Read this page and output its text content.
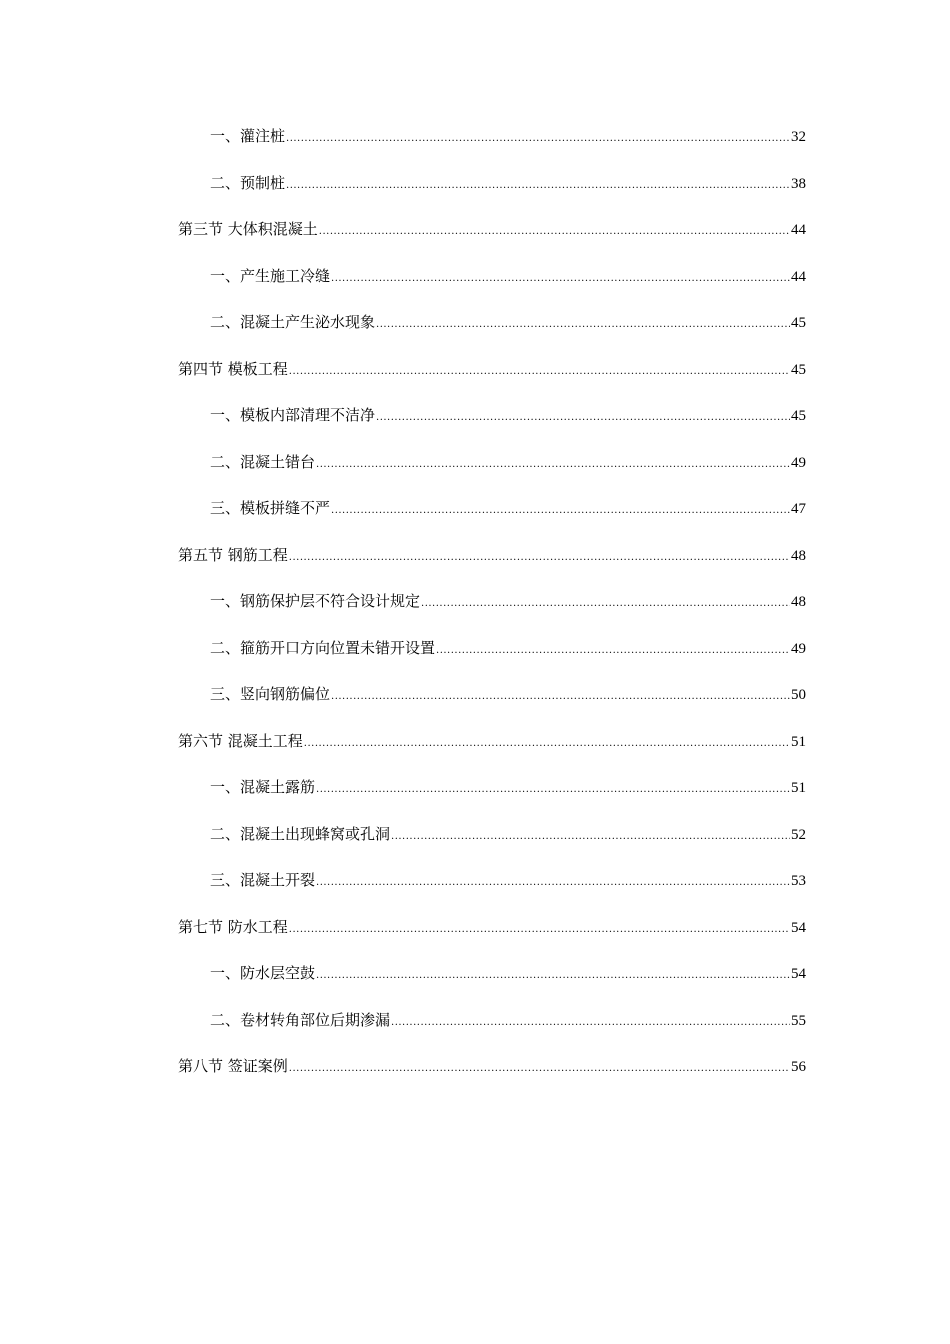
一、灌注桩 .....	32
二、预制桩 .....	38
第三节 大体积混凝土 .....	44
一、产生施工冷缝 .....	44
二、混凝土产生泌水现象 .....	45
第四节 模板工程 .....	45
一、模板内部清理不洁净 .....	45
二、混凝土错台 .....	49
三、模板拼缝不严 .....	47
第五节 钢筋工程 .....	48
一、钢筋保护层不符合设计规定 .....	48
二、箍筋开口方向位置未错开设置 .....	49
三、竖向钢筋偏位 .....	50
第六节 混凝土工程 .....	51
一、混凝土露筋 .....	51
二、混凝土出现蜂窝或孔洞 .....	52
三、混凝土开裂 .....	53
第七节 防水工程 .....	54
一、防水层空鼓 .....	54
二、卷材转角部位后期渗漏 .....	55
第八节 签证案例 .....	56
